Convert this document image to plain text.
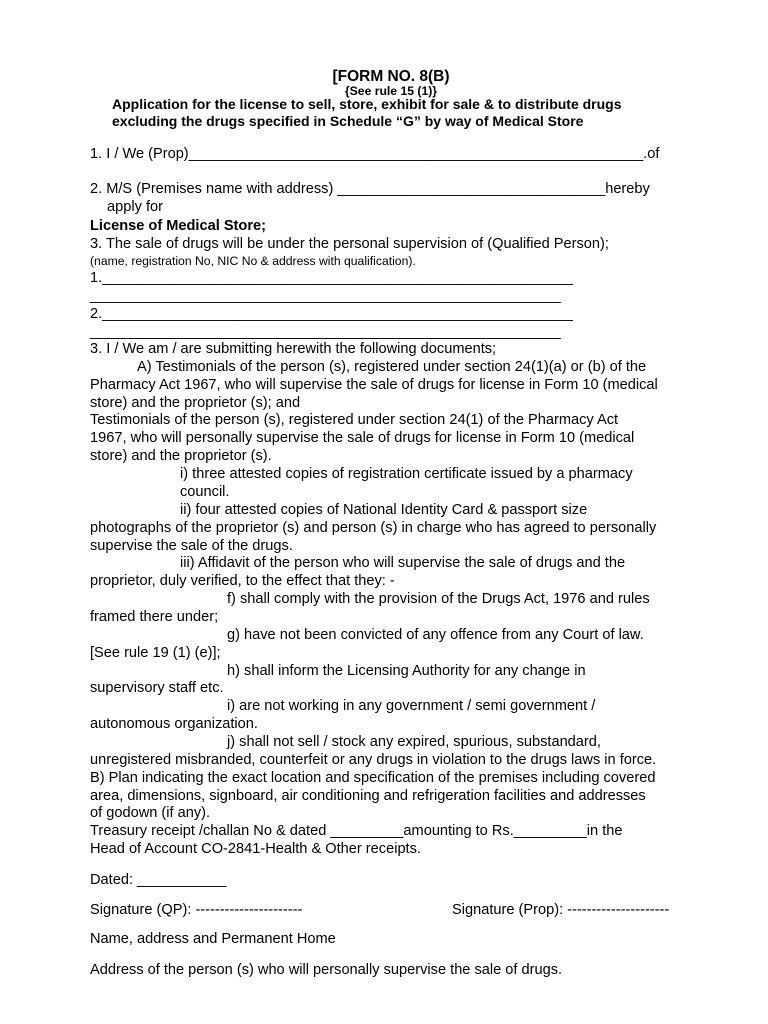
[FORM NO. 8(B)
{See rule 15 (1)}
Application for the license to sell, store, exhibit for sale & to distribute drugs
excluding the drugs specified in Schedule “G” by way of Medical Store
1. I / We (Prop)________________________________________________________.of
2. M/S (Premises name with address) _________________________________hereby
apply for
License of Medical Store;
3. The sale of drugs will be under the personal supervision of (Qualified Person);
(name, registration No, NIC No & address with qualification).
1.__________________________________________________________
__________________________________________________________
2.__________________________________________________________
__________________________________________________________
3. I / We am / are submitting herewith the following documents;
A) Testimonials of the person (s), registered under section 24(1)(a) or (b) of the
Pharmacy Act 1967, who will supervise the sale of drugs for license in Form 10 (medical
store) and the proprietor (s); and
Testimonials of the person (s), registered under section 24(1) of the Pharmacy Act
1967, who will personally supervise the sale of drugs for license in Form 10 (medical
store) and the proprietor (s).
i) three attested copies of registration certificate issued by a pharmacy
council.
ii) four attested copies of National Identity Card & passport size
photographs of the proprietor (s) and person (s) in charge who has agreed to personally
supervise the sale of the drugs.
iii) Affidavit of the person who will supervise the sale of drugs and the
proprietor, duly verified, to the effect that they: -
f) shall comply with the provision of the Drugs Act, 1976 and rules
framed there under;
g) have not been convicted of any offence from any Court of law.
[See rule 19 (1) (e)];
h) shall inform the Licensing Authority for any change in
supervisory staff etc.
i) are not working in any government / semi government /
autonomous organization.
j) shall not sell / stock any expired, spurious, substandard,
unregistered misbranded, counterfeit or any drugs in violation to the drugs laws in force.
B) Plan indicating the exact location and specification of the premises including covered
area, dimensions, signboard, air conditioning and refrigeration facilities and addresses
of godown (if any).
Treasury receipt /challan No & dated _________amounting to Rs._________in the
Head of Account CO-2841-Health & Other receipts.
Dated: ___________
Signature (QP): ----------------------	Signature (Prop): ---------------------
Name, address and Permanent Home
Address of the person (s) who will personally supervise the sale of drugs.
